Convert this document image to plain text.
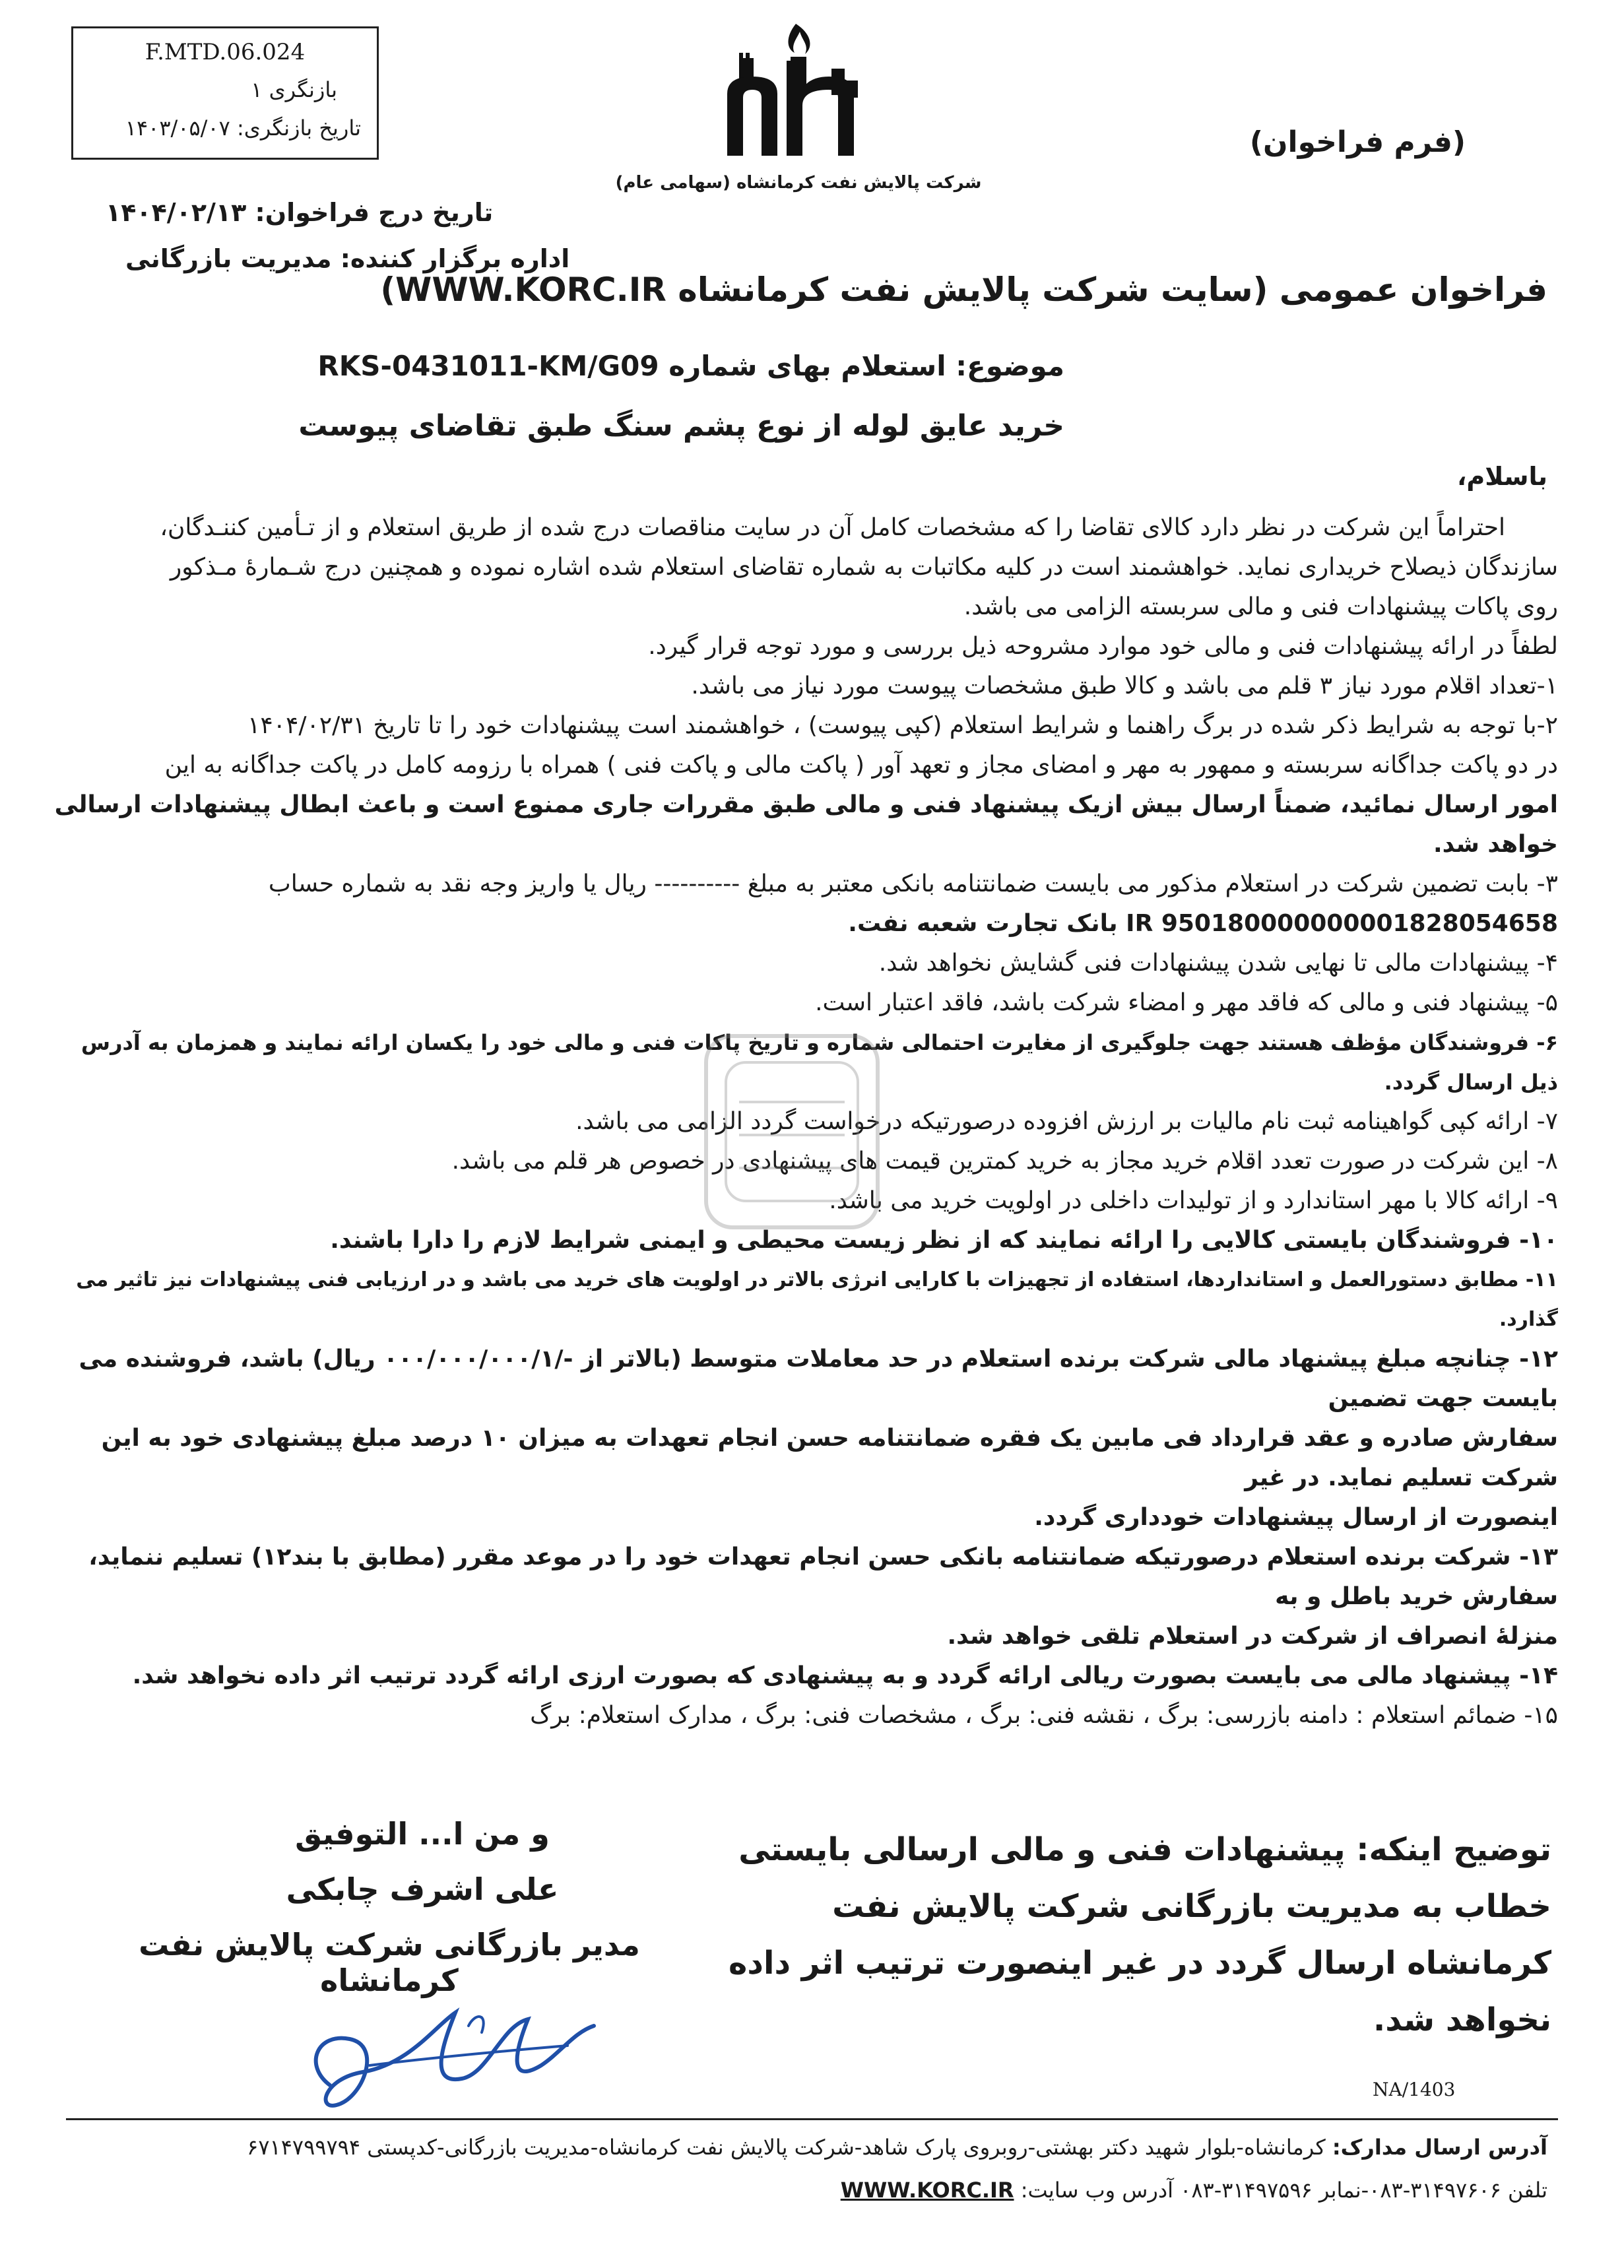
F.MTD.06.024
بازنگری ۱
تاریخ بازنگری: ۱۴۰۳/۰۵/۰۷
شرکت پالایش نفت کرمانشاه (سهامی عام)
(فرم فراخوان)
تاریخ درج فراخوان: ۱۴۰۴/۰۲/۱۳
اداره برگزار کننده: مدیریت بازرگانی
فراخوان عمومی (سایت شرکت پالایش نفت کرمانشاه WWW.KORC.IR)
موضوع: استعلام بهای شماره RKS-0431011-KM/G09
خرید عایق لوله از نوع پشم سنگ طبق تقاضای پیوست
باسلام،

احتراماً این شرکت در نظر دارد کالای تقاضا را که مشخصات کامل آن در سایت مناقصات درج شده از طریق استعلام و از تـأمین کننـدگان،

سازندگان ذیصلاح خریداری نماید. خواهشمند است در کلیه مکاتبات به شماره تقاضای استعلام شده اشاره نموده و همچنین درج شـمارهٔ مـذکور

روی پاکات پیشنهادات فنی و مالی سربسته الزامی می باشد.

لطفاً در ارائه پیشنهادات فنی و مالی خود موارد مشروحه ذیل بررسی و مورد توجه قرار گیرد.

۱-تعداد اقلام مورد نیاز ۳ قلم می باشد و کالا طبق مشخصات پیوست مورد نیاز می باشد.

۲-با توجه به شرایط ذکر شده در برگ راهنما و شرایط استعلام (کپی پیوست) ، خواهشمند است پیشنهادات خود را تا تاریخ ۱۴۰۴/۰۲/۳۱

در دو پاکت جداگانه سربسته و ممهور به مهر و امضای مجاز و تعهد آور ( پاکت مالی و پاکت فنی ) همراه با رزومه کامل در پاکت جداگانه به این

امور ارسال نمائید، ضمناً ارسال بیش ازیک پیشنهاد فنی و مالی طبق مقررات جاری ممنوع است و باعث ابطال پیشنهادات ارسالی خواهد شد.

۳- بابت تضمین شرکت در استعلام مذکور می بایست ضمانتنامه بانکی معتبر به مبلغ ---------- ریال یا واریز وجه نقد به شماره حساب

IR 950180000000001828054658 بانک تجارت شعبه نفت.

۴- پیشنهادات مالی تا نهایی شدن پیشنهادات فنی گشایش نخواهد شد.

۵- پیشنهاد فنی و مالی که فاقد مهر و امضاء شرکت باشد، فاقد اعتبار است.

۶- فروشندگان مؤظف هستند جهت جلوگیری از مغایرت احتمالی شماره و تاریخ پاکات فنی و مالی خود را یکسان ارائه نمایند و همزمان به آدرس ذیل ارسال گردد.

۷- ارائه کپی گواهینامه ثبت نام مالیات بر ارزش افزوده درصورتیکه درخواست گردد الزامی می باشد.

۸- این شرکت در صورت تعدد اقلام خرید مجاز به خرید کمترین قیمت های پیشنهادی در خصوص هر قلم می باشد.

۹- ارائه کالا با مهر استاندارد و از تولیدات داخلی در اولویت خرید می باشد.

۱۰- فروشندگان بایستی کالایی را ارائه نمایند که از نظر زیست محیطی و ایمنی شرایط لازم را دارا باشند.

۱۱- مطابق دستورالعمل و استانداردها، استفاده از تجهیزات با کارایی انرژی بالاتر در اولویت های خرید می باشد و در ارزیابی فنی پیشنهادات نیز تاثیر می گذارد.

۱۲- چنانچه مبلغ پیشنهاد مالی شرکت برنده استعلام در حد معاملات متوسط (بالاتر از -/۰۰۰/۰۰۰/۰۰۰/۱ ریال) باشد، فروشنده می بایست جهت تضمین

سفارش صادره و عقد قرارداد فی مابین یک فقره ضمانتنامه حسن انجام تعهدات به میزان ۱۰ درصد مبلغ پیشنهادی خود به این شرکت تسلیم نماید. در غیر

اینصورت از ارسال پیشنهادات خودداری گردد.

۱۳- شرکت برنده استعلام درصورتیکه ضمانتنامه بانکی حسن انجام تعهدات خود را در موعد مقرر (مطابق با بند۱۲) تسلیم ننماید، سفارش خرید باطل و به

منزلهٔ انصراف از شرکت در استعلام تلقی خواهد شد.

۱۴- پیشنهاد مالی می بایست بصورت ریالی ارائه گردد و به پیشنهادی که بصورت ارزی ارائه گردد ترتیب اثر داده نخواهد شد.

۱۵- ضمائم استعلام : دامنه بازرسی: برگ ، نقشه فنی: برگ ، مشخصات فنی: برگ ، مدارک استعلام: برگ

توضیح اینکه: پیشنهادات فنی و مالی ارسالی بایستی خطاب به مدیریت بازرگانی شرکت پالایش نفت کرمانشاه ارسال گردد در غیر اینصورت ترتیب اثر داده نخواهد شد.
و من ا... التوفیق
علی اشرف چابکی
مدیر بازرگانی شرکت پالایش نفت کرمانشاه
NA/1403
آدرس ارسال مدارک: کرمانشاه-بلوار شهید دکتر بهشتی-روبروی پارک شاهد-شرکت پالایش نفت کرمانشاه-مدیریت بازرگانی-کدپستی ۶۷۱۴۷۹۹۷۹۴
تلفن ۳۱۴۹۷۶۰۶-۰۸۳-نمابر ۳۱۴۹۷۵۹۶-۰۸۳ آدرس وب سایت: WWW.KORC.IR
